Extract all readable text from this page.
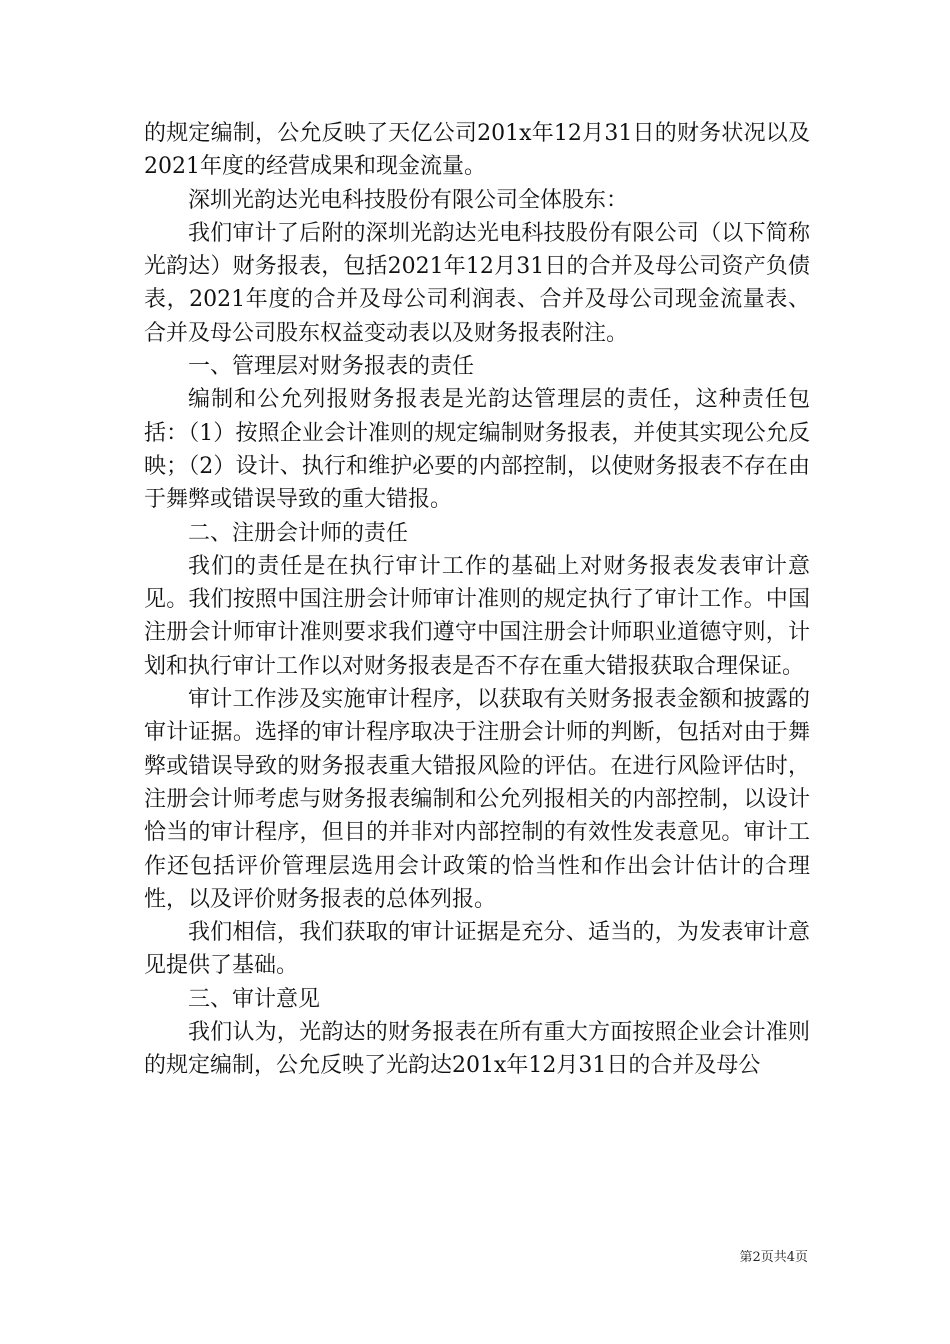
的规定编制，公允反映了天亿公司201x年12月31日的财务状况以及2021年度的经营成果和现金流量。

深圳光韵达光电科技股份有限公司全体股东：

我们审计了后附的深圳光韵达光电科技股份有限公司（以下简称光韵达）财务报表，包括2021年12月31日的合并及母公司资产负债表，2021年度的合并及母公司利润表、合并及母公司现金流量表、合并及母公司股东权益变动表以及财务报表附注。

一、管理层对财务报表的责任

编制和公允列报财务报表是光韵达管理层的责任，这种责任包括：（1）按照企业会计准则的规定编制财务报表，并使其实现公允反映；（2）设计、执行和维护必要的内部控制，以使财务报表不存在由于舞弊或错误导致的重大错报。

二、注册会计师的责任

我们的责任是在执行审计工作的基础上对财务报表发表审计意见。我们按照中国注册会计师审计准则的规定执行了审计工作。中国注册会计师审计准则要求我们遵守中国注册会计师职业道德守则，计划和执行审计工作以对财务报表是否不存在重大错报获取合理保证。

审计工作涉及实施审计程序，以获取有关财务报表金额和披露的审计证据。选择的审计程序取决于注册会计师的判断，包括对由于舞弊或错误导致的财务报表重大错报风险的评估。在进行风险评估时，注册会计师考虑与财务报表编制和公允列报相关的内部控制，以设计恰当的审计程序，但目的并非对内部控制的有效性发表意见。审计工作还包括评价管理层选用会计政策的恰当性和作出会计估计的合理性，以及评价财务报表的总体列报。

我们相信，我们获取的审计证据是充分、适当的，为发表审计意见提供了基础。

三、审计意见

我们认为，光韵达的财务报表在所有重大方面按照企业会计准则的规定编制，公允反映了光韵达201x年12月31日的合并及母公

第2页共4页
